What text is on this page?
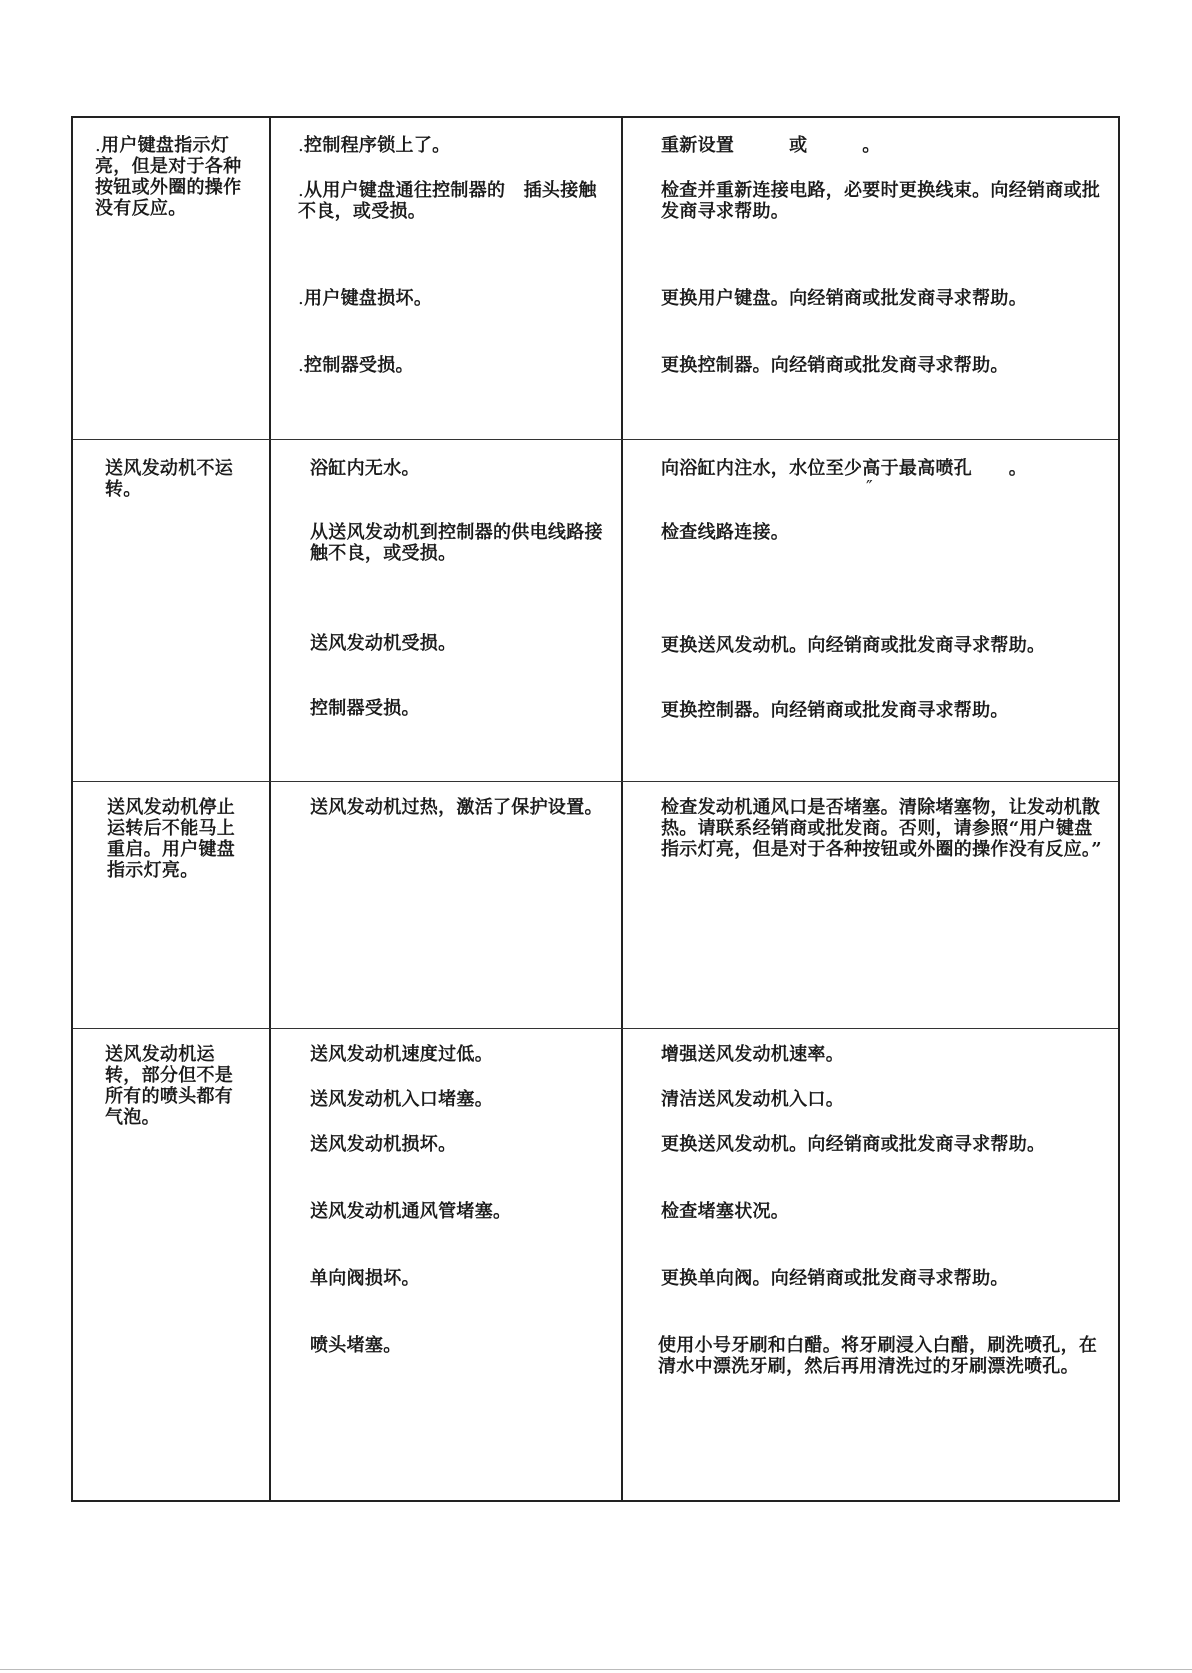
.用户键盘指示灯亮，但是对于各种按钮或外圈的操作没有反应。
.控制程序锁上了。
.从用户键盘通往控制器的　插头接触不良，或受损。
.用户键盘损坏。
.控制器受损。
重新设置　　　或　　　。
检查并重新连接电路，必要时更换线束。向经销商或批发商寻求帮助。
更换用户键盘。向经销商或批发商寻求帮助。
更换控制器。向经销商或批发商寻求帮助。
送风发动机不运转。
浴缸内无水。
从送风发动机到控制器的供电线路接触不良，或受损。
送风发动机受损。
控制器受损。
向浴缸内注水，水位至少高于最高喷孔　　。
″
检查线路连接。
更换送风发动机。向经销商或批发商寻求帮助。
更换控制器。向经销商或批发商寻求帮助。
送风发动机停止运转后不能马上重启。用户键盘指示灯亮。
送风发动机过热，激活了保护设置。	检查发动机通风口是否堵塞。清除堵塞物，让发动机散热。请联系经销商或批发商。否则，请参照“用户键盘指示灯亮，但是对于各种按钮或外圈的操作没有反应。”
送风发动机运转，部分但不是所有的喷头都有气泡。
送风发动机速度过低。
送风发动机入口堵塞。
送风发动机损坏。
送风发动机通风管堵塞。
单向阀损坏。
喷头堵塞。
增强送风发动机速率。
清洁送风发动机入口。
更换送风发动机。向经销商或批发商寻求帮助。
检查堵塞状况。
更换单向阀。向经销商或批发商寻求帮助。
使用小号牙刷和白醋。将牙刷浸入白醋，刷洗喷孔，在清水中漂洗牙刷，然后再用清洗过的牙刷漂洗喷孔。
